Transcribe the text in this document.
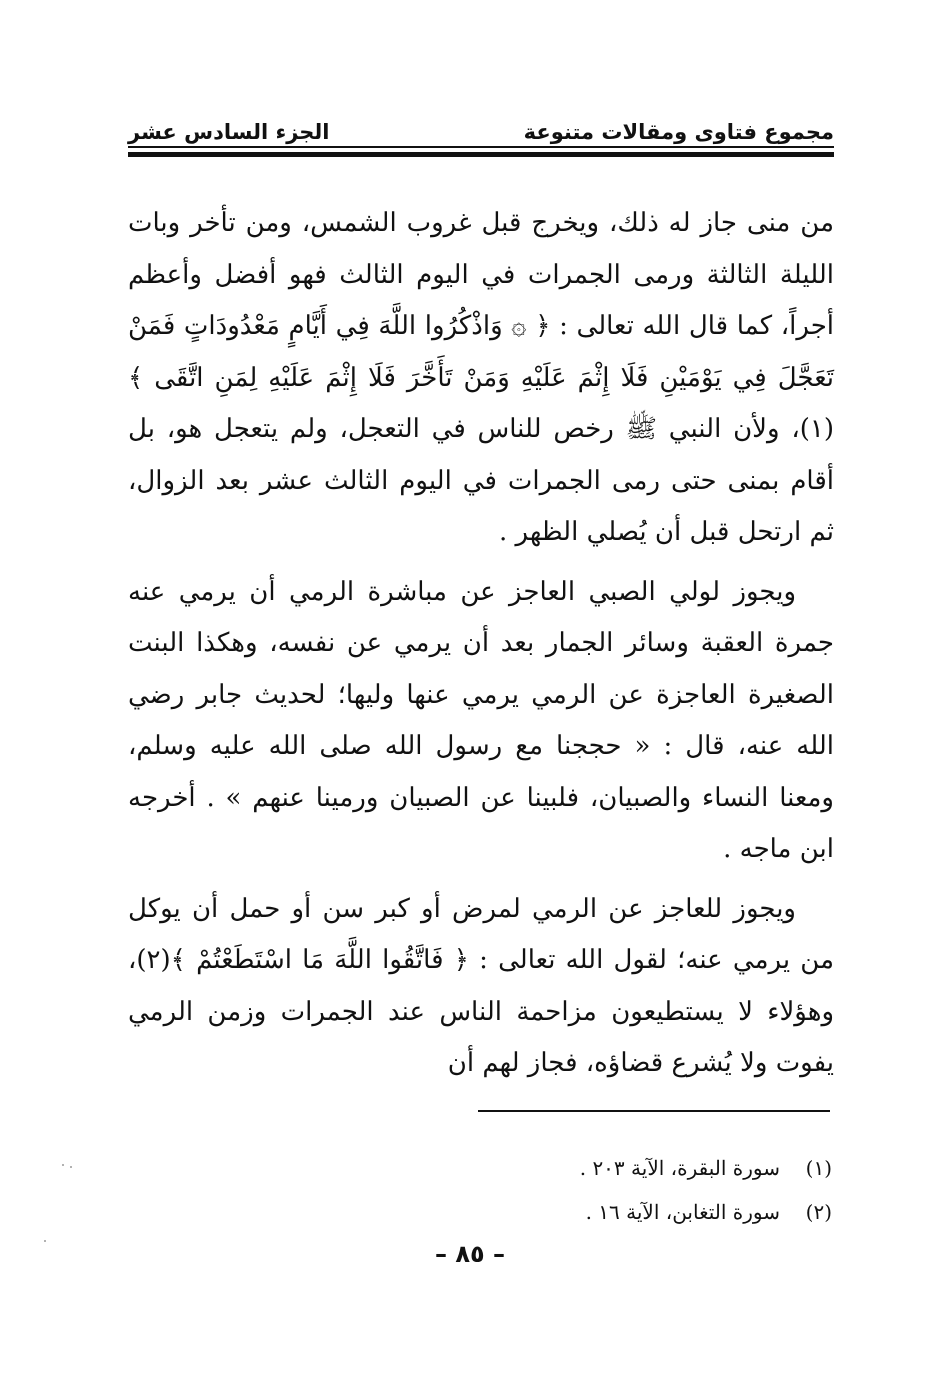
مجموع فتاوى ومقالات متنوعة
الجزء السادس عشر

من منى جاز له ذلك، ويخرج قبل غروب الشمس، ومن تأخر وبات الليلة الثالثة ورمى الجمرات في اليوم الثالث فهو أفضل وأعظم أجراً، كما قال الله تعالى : ﴿ ۞ وَاذْكُرُوا اللَّهَ فِي أَيَّامٍ مَعْدُودَاتٍ فَمَنْ تَعَجَّلَ فِي يَوْمَيْنِ فَلَا إِثْمَ عَلَيْهِ وَمَنْ تَأَخَّرَ فَلَا إِثْمَ عَلَيْهِ لِمَنِ اتَّقَى ﴾(١)، ولأن النبي ﷺ رخص للناس في التعجل، ولم يتعجل هو، بل أقام بمنى حتى رمى الجمرات في اليوم الثالث عشر بعد الزوال، ثم ارتحل قبل أن يُصلي الظهر .

ويجوز لولي الصبي العاجز عن مباشرة الرمي أن يرمي عنه جمرة العقبة وسائر الجمار بعد أن يرمي عن نفسه، وهكذا البنت الصغيرة العاجزة عن الرمي يرمي عنها وليها؛ لحديث جابر رضي الله عنه، قال : « حججنا مع رسول الله صلى الله عليه وسلم، ومعنا النساء والصبيان، فلبينا عن الصبيان ورمينا عنهم » . أخرجه ابن ماجه .

ويجوز للعاجز عن الرمي لمرض أو كبر سن أو حمل أن يوكل من يرمي عنه؛ لقول الله تعالى : ﴿ فَاتَّقُوا اللَّهَ مَا اسْتَطَعْتُمْ ﴾(٢)، وهؤلاء لا يستطيعون مزاحمة الناس عند الجمرات وزمن الرمي يفوت ولا يُشرع قضاؤه، فجاز لهم أن

(١)
سورة البقرة، الآية ٢٠٣ .
(٢)
سورة التغابن، الآية ١٦ .
– ٨٥ –
